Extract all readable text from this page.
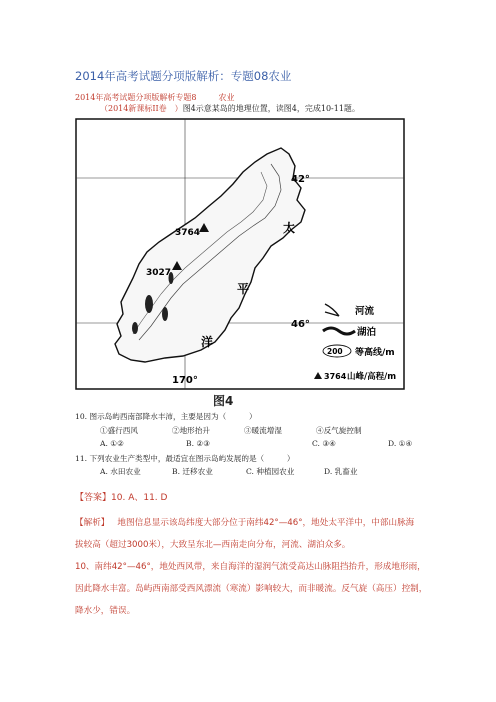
2014年高考试题分项版解析：专题08农业
2014年高考试题分项版解析专题8	农业
（2014新课标II卷　）图4示意某岛的地理位置，读图4，完成10-11题。
3764
3027
42°
46°
170°
太
平
洋
河流
湖泊
200 等高线/m
3764 山峰/高程/m
图4
10. 图示岛屿西南部降水丰沛，主要是因为（　　　）
①盛行西风	②地形抬升	③暖流增湿	④反气旋控制
A. ①②	B. ②③	C. ③④	D. ①④
11. 下列农业生产类型中，最适宜在图示岛屿发展的是（　　　）
A. 水田农业	B. 迁移农业	C. 种植园农业	D. 乳畜业
【答案】10. A、11. D
【解析】 地图信息显示该岛纬度大部分位于南纬42°—46°，地处太平洋中，中部山脉海
拔较高（超过3000米），大致呈东北—西南走向分布，河流、湖泊众多。
10、南纬42°—46°，地处西风带，来自海洋的湿润气流受高达山脉阻挡抬升，形成地形雨，
因此降水丰富。岛屿西南部受西风漂流（寒流）影响较大，而非暖流。反气旋（高压）控制，
降水少，错误。
